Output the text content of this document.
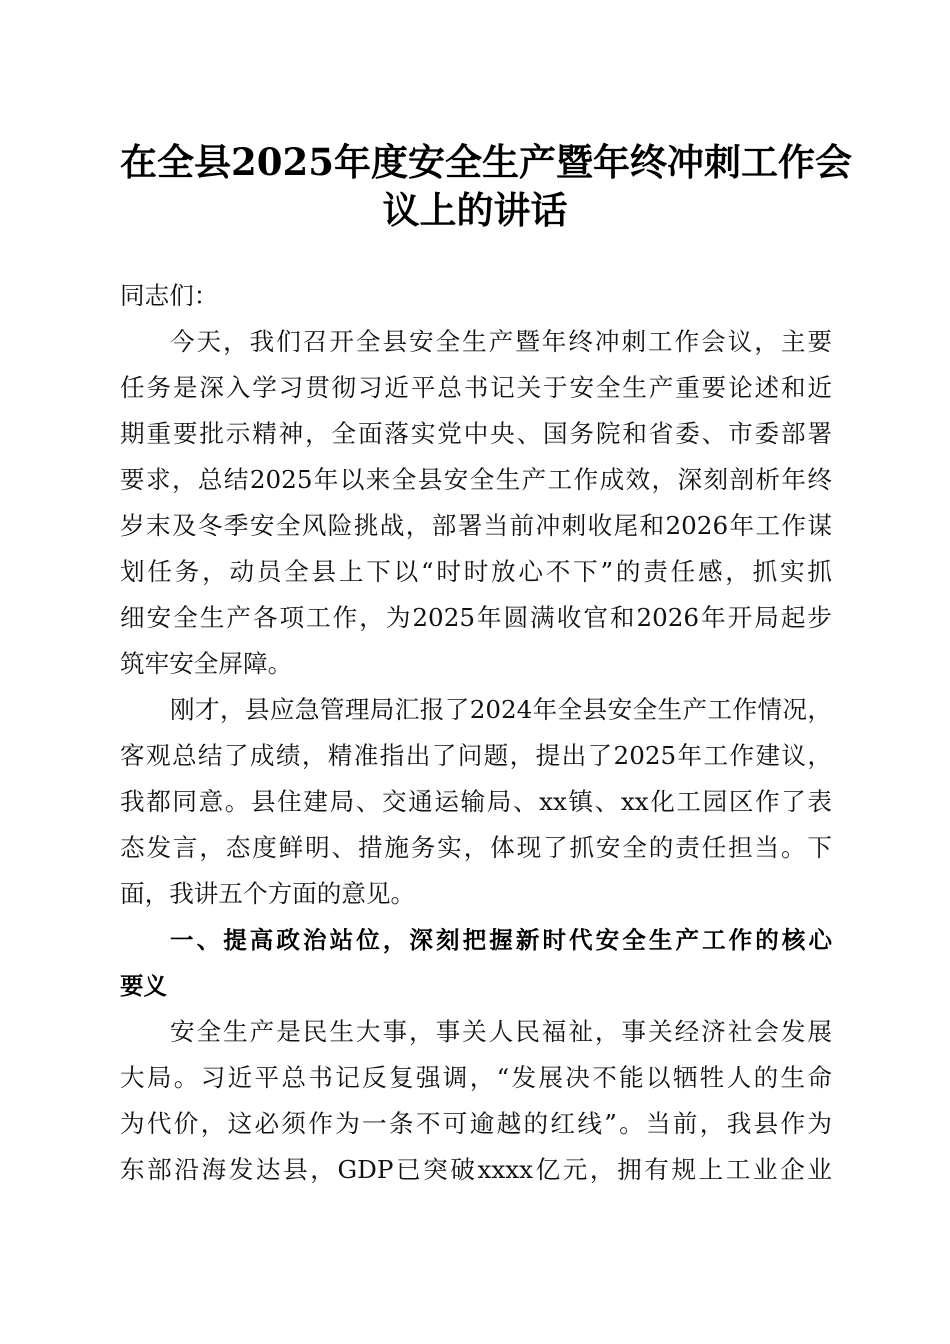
在全县2025年度安全生产暨年终冲刺工作会
议上的讲话
同志们：
今天，我们召开全县安全生产暨年终冲刺工作会议，主要
任务是深入学习贯彻习近平总书记关于安全生产重要论述和近
期重要批示精神，全面落实党中央、国务院和省委、市委部署
要求，总结2025年以来全县安全生产工作成效，深刻剖析年终
岁末及冬季安全风险挑战，部署当前冲刺收尾和2026年工作谋
划任务，动员全县上下以“时时放心不下”的责任感，抓实抓
细安全生产各项工作，为2025年圆满收官和2026年开局起步
筑牢安全屏障。
刚才，县应急管理局汇报了2024年全县安全生产工作情况，
客观总结了成绩，精准指出了问题，提出了2025年工作建议，
我都同意。县住建局、交通运输局、xx镇、xx化工园区作了表
态发言，态度鲜明、措施务实，体现了抓安全的责任担当。下
面，我讲五个方面的意见。
一、提高政治站位，深刻把握新时代安全生产工作的核心
要义
安全生产是民生大事，事关人民福祉，事关经济社会发展
大局。习近平总书记反复强调，“发展决不能以牺牲人的生命
为代价，这必须作为一条不可逾越的红线”。当前，我县作为
东部沿海发达县，GDP已突破xxxx亿元，拥有规上工业企业
